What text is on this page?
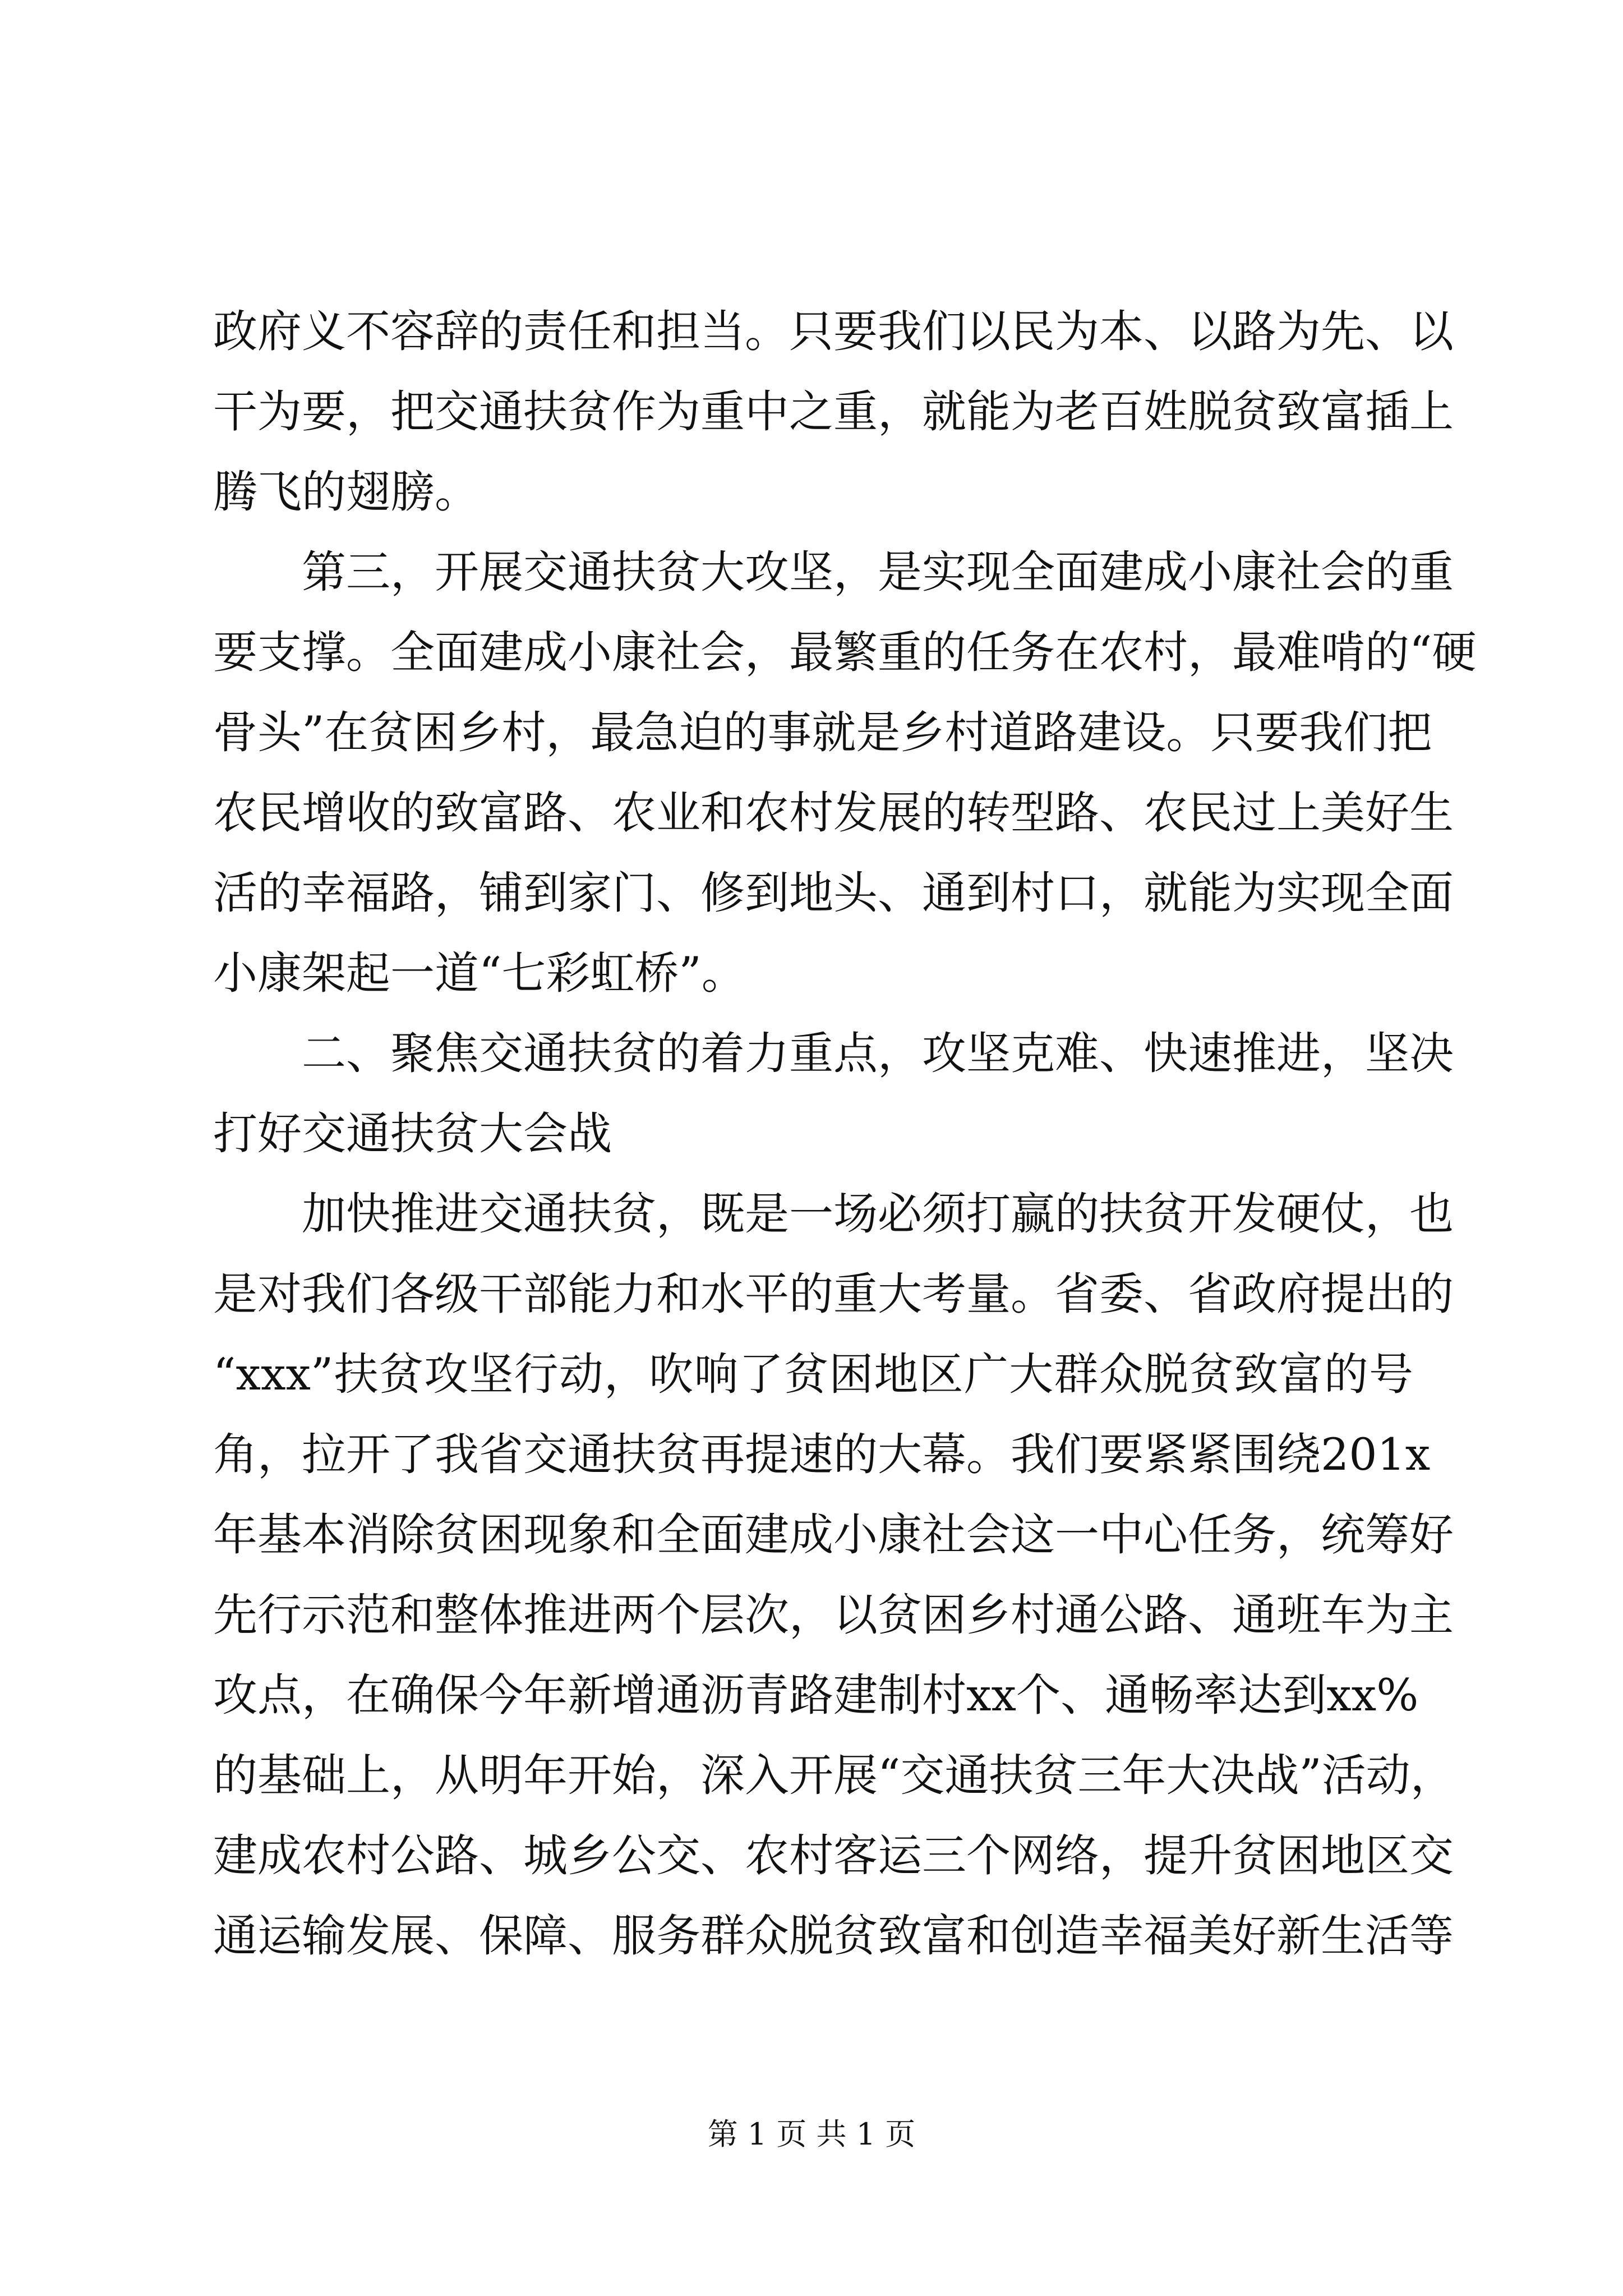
政府义不容辞的责任和担当。只要我们以民为本、以路为先、以
干为要，把交通扶贫作为重中之重，就能为老百姓脱贫致富插上
腾飞的翅膀。
　　第三，开展交通扶贫大攻坚，是实现全面建成小康社会的重
要支撑。全面建成小康社会，最繁重的任务在农村，最难啃的“硬
骨头”在贫困乡村，最急迫的事就是乡村道路建设。只要我们把
农民增收的致富路、农业和农村发展的转型路、农民过上美好生
活的幸福路，铺到家门、修到地头、通到村口，就能为实现全面
小康架起一道“七彩虹桥”。
　　二、聚焦交通扶贫的着力重点，攻坚克难、快速推进，坚决
打好交通扶贫大会战
　　加快推进交通扶贫，既是一场必须打赢的扶贫开发硬仗，也
是对我们各级干部能力和水平的重大考量。省委、省政府提出的
“xxx”扶贫攻坚行动，吹响了贫困地区广大群众脱贫致富的号
角，拉开了我省交通扶贫再提速的大幕。我们要紧紧围绕201x
年基本消除贫困现象和全面建成小康社会这一中心任务，统筹好
先行示范和整体推进两个层次，以贫困乡村通公路、通班车为主
攻点，在确保今年新增通沥青路建制村xx个、通畅率达到xx%
的基础上，从明年开始，深入开展“交通扶贫三年大决战”活动，
建成农村公路、城乡公交、农村客运三个网络，提升贫困地区交
通运输发展、保障、服务群众脱贫致富和创造幸福美好新生活等
第 1 页 共 1 页
